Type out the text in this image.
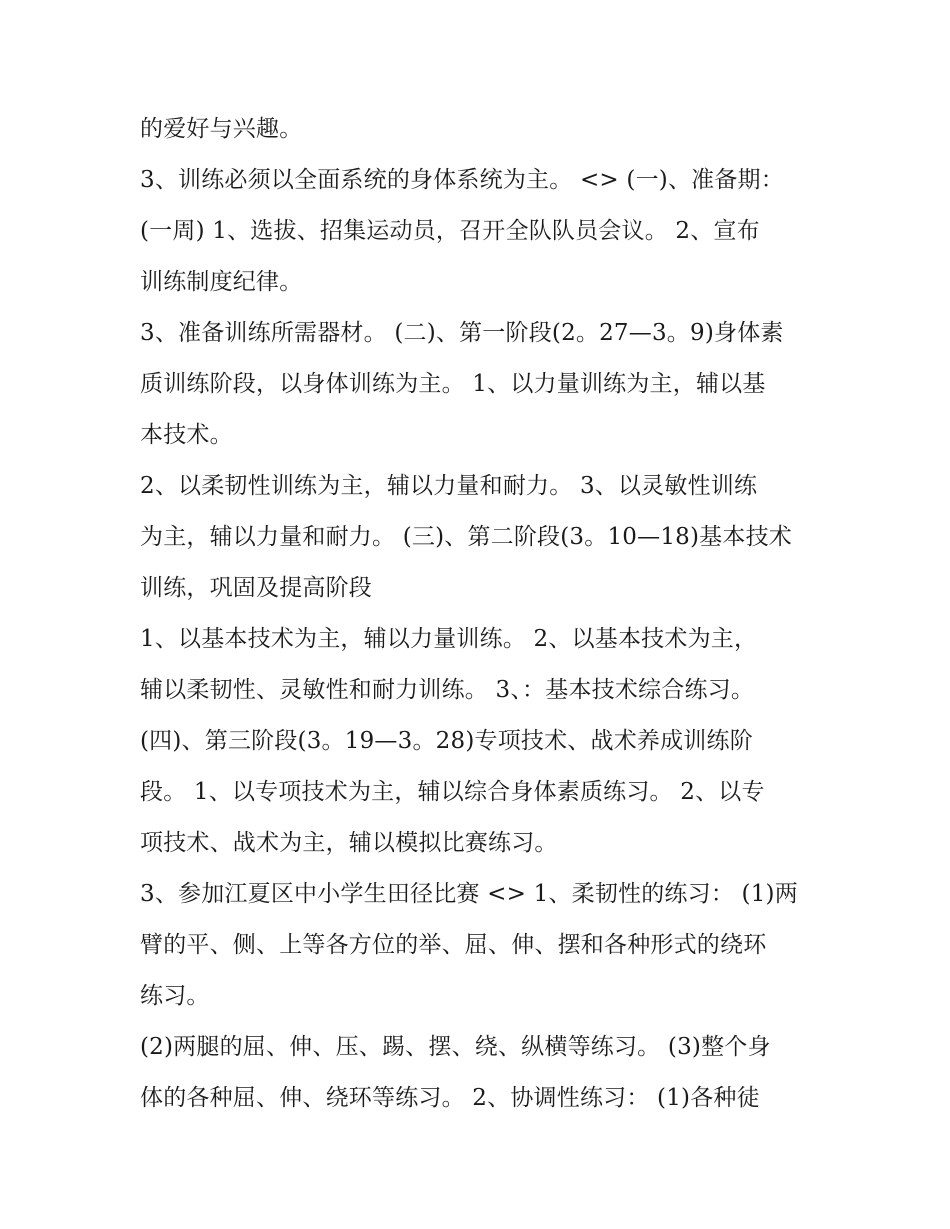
的爱好与兴趣。
3、训练必须以全面系统的身体系统为主。 <> (一)、准备期：
(一周) 1、选拔、招集运动员，召开全队队员会议。 2、宣布
训练制度纪律。
3、准备训练所需器材。 (二)、第一阶段(2。27—3。9)身体素
质训练阶段，以身体训练为主。 1、以力量训练为主，辅以基
本技术。
2、以柔韧性训练为主，辅以力量和耐力。 3、以灵敏性训练
为主，辅以力量和耐力。 (三)、第二阶段(3。10—18)基本技术
训练，巩固及提高阶段
1、以基本技术为主，辅以力量训练。 2、以基本技术为主，
辅以柔韧性、灵敏性和耐力训练。 3、：基本技术综合练习。
(四)、第三阶段(3。19—3。28)专项技术、战术养成训练阶
段。 1、以专项技术为主，辅以综合身体素质练习。 2、以专
项技术、战术为主，辅以模拟比赛练习。
3、参加江夏区中小学生田径比赛 <> 1、柔韧性的练习： (1)两
臂的平、侧、上等各方位的举、屈、伸、摆和各种形式的绕环
练习。
(2)两腿的屈、伸、压、踢、摆、绕、纵横等练习。 (3)整个身
体的各种屈、伸、绕环等练习。 2、协调性练习： (1)各种徒
